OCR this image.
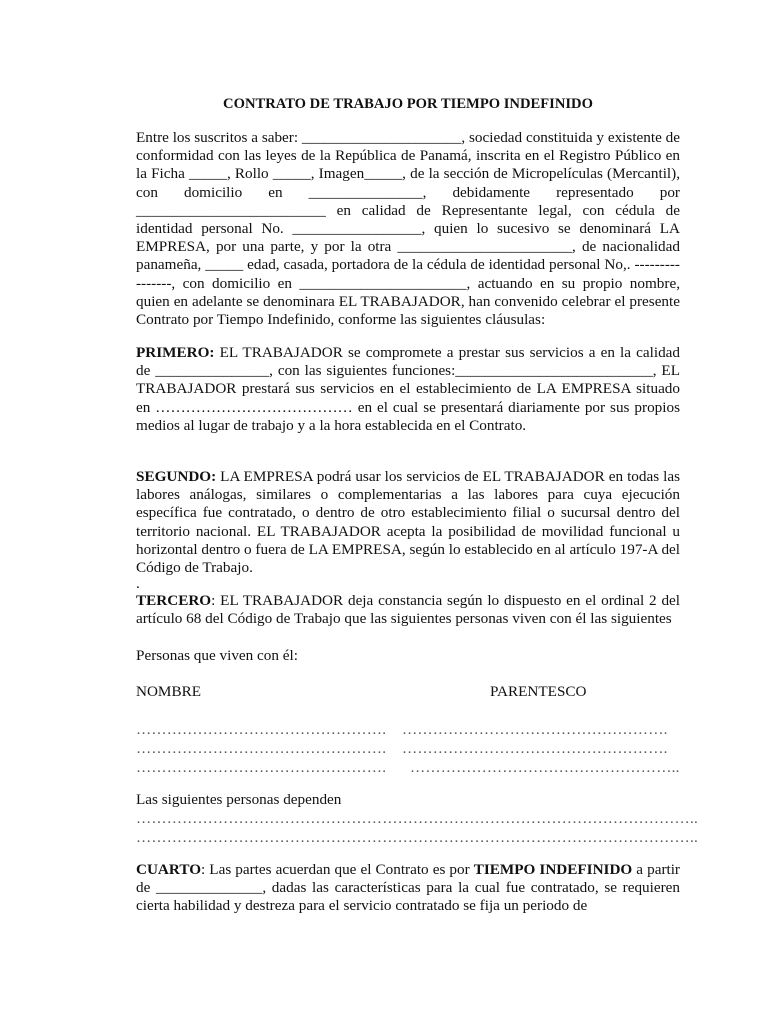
CONTRATO DE TRABAJO POR TIEMPO INDEFINIDO

Entre los suscritos a saber: _____________________, sociedad constituida y existente de conformidad con las leyes de la República de Panamá, inscrita en el Registro Público en la Ficha _____, Rollo _____, Imagen_____, de la sección de Micropelículas (Mercantil), con domicilio en _______________, debidamente representado por _________________________ en calidad de Representante legal, con cédula de identidad personal No. _________________, quien lo sucesivo se denominará LA EMPRESA, por una parte, y por la otra _______________________, de nacionalidad panameña, _____ edad, casada, portadora de la cédula de identidad personal No,. ----------------, con domicilio en ______________________, actuando en su propio nombre, quien en adelante se denominara EL TRABAJADOR, han convenido celebrar el presente Contrato por Tiempo Indefinido, conforme las siguientes cláusulas:

PRIMERO: EL TRABAJADOR se compromete a prestar sus servicios a en la calidad de _______________, con las siguientes funciones:__________________________, EL TRABAJADOR prestará sus servicios en el establecimiento de LA EMPRESA situado en ………………………………… en el cual se presentará diariamente por sus propios medios al lugar de trabajo y a la hora establecida en el Contrato.

SEGUNDO: LA EMPRESA podrá usar los servicios de EL TRABAJADOR en todas las labores análogas, similares o complementarias a las labores para cuya ejecución específica fue contratado, o dentro de otro establecimiento filial o sucursal dentro del territorio nacional. EL TRABAJADOR acepta la posibilidad de movilidad funcional u horizontal dentro o fuera de LA EMPRESA, según lo establecido en al artículo 197-A del Código de Trabajo.

.

TERCERO: EL TRABAJADOR deja constancia según lo dispuesto en el ordinal 2 del artículo 68 del Código de Trabajo que las siguientes personas viven con él las siguientes

Personas que viven con él:
NOMBRE	PARENTESCO
…………………………………………. …………………………………………….
…………………………………………. …………………………………………….
…………………………………………. ……………………………………………..
Las siguientes personas dependen
………………………………………………………………………………………………..
………………………………………………………………………………………………..

CUARTO: Las partes acuerdan que el Contrato es por TIEMPO INDEFINIDO a partir de ______________, dadas las características para la cual fue contratado, se requieren cierta habilidad y destreza para el servicio contratado se fija un periodo de
